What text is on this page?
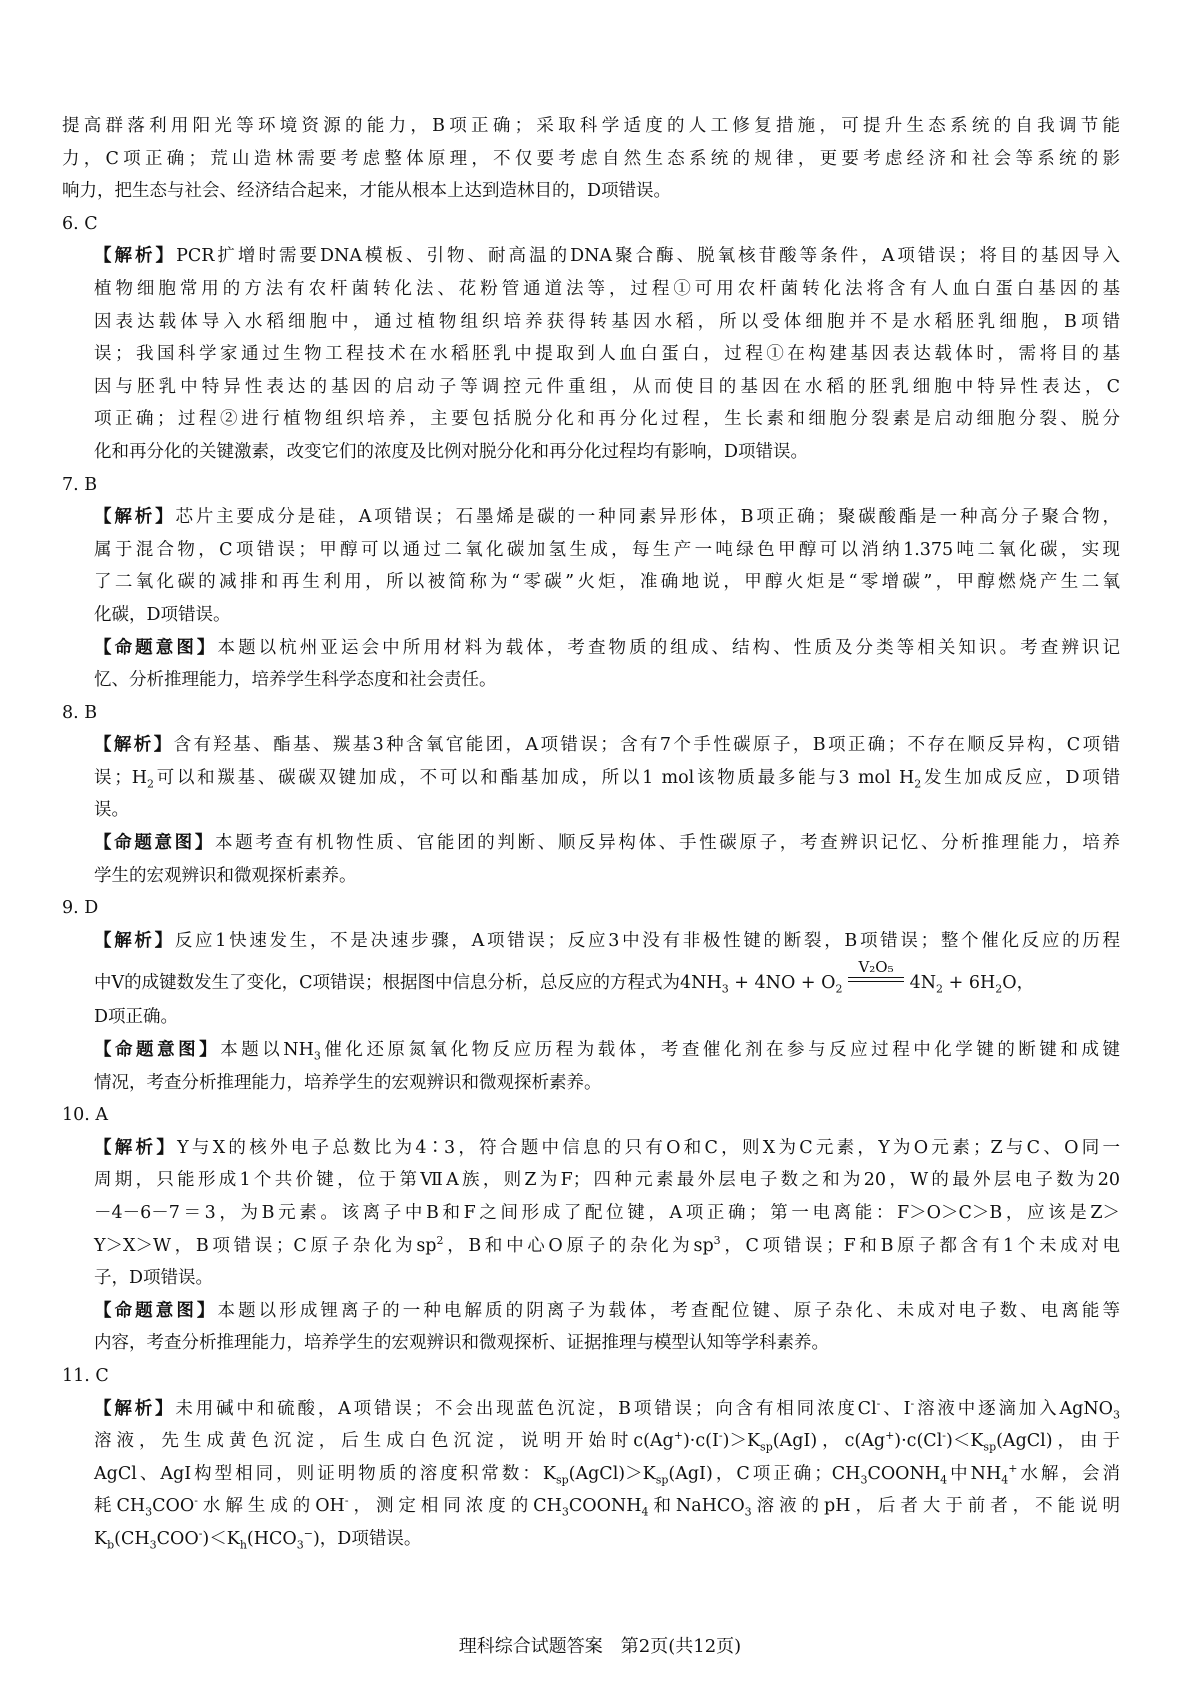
提高群落利用阳光等环境资源的能力，B项正确；采取科学适度的人工修复措施，可提升生态系统的自我调节能
力，C项正确；荒山造林需要考虑整体原理，不仅要考虑自然生态系统的规律，更要考虑经济和社会等系统的影
响力，把生态与社会、经济结合起来，才能从根本上达到造林目的，D项错误。
6. C
【解析】PCR扩增时需要DNA模板、引物、耐高温的DNA聚合酶、脱氧核苷酸等条件，A项错误；将目的基因导入
植物细胞常用的方法有农杆菌转化法、花粉管通道法等，过程①可用农杆菌转化法将含有人血白蛋白基因的基
因表达载体导入水稻细胞中，通过植物组织培养获得转基因水稻，所以受体细胞并不是水稻胚乳细胞，B项错
误；我国科学家通过生物工程技术在水稻胚乳中提取到人血白蛋白，过程①在构建基因表达载体时，需将目的基
因与胚乳中特异性表达的基因的启动子等调控元件重组，从而使目的基因在水稻的胚乳细胞中特异性表达，C
项正确；过程②进行植物组织培养，主要包括脱分化和再分化过程，生长素和细胞分裂素是启动细胞分裂、脱分
化和再分化的关键激素，改变它们的浓度及比例对脱分化和再分化过程均有影响，D项错误。
7. B
【解析】芯片主要成分是硅，A项错误；石墨烯是碳的一种同素异形体，B项正确；聚碳酸酯是一种高分子聚合物，
属于混合物，C项错误；甲醇可以通过二氧化碳加氢生成，每生产一吨绿色甲醇可以消纳1.375吨二氧化碳，实现
了二氧化碳的减排和再生利用，所以被简称为“零碳”火炬，准确地说，甲醇火炬是“零增碳”，甲醇燃烧产生二氧
化碳，D项错误。
【命题意图】本题以杭州亚运会中所用材料为载体，考查物质的组成、结构、性质及分类等相关知识。考查辨识记
忆、分析推理能力，培养学生科学态度和社会责任。
8. B
【解析】含有羟基、酯基、羰基3种含氧官能团，A项错误；含有7个手性碳原子，B项正确；不存在顺反异构，C项错
误；$H_2$可以和羰基、碳碳双键加成，不可以和酯基加成，所以1 mol该物质最多能与3 mol $H_2$发生加成反应，D项错
误。
【命题意图】本题考查有机物性质、官能团的判断、顺反异构体、手性碳原子，考查辨识记忆、分析推理能力，培养
学生的宏观辨识和微观探析素养。
9. D
【解析】反应1快速发生，不是决速步骤，A项错误；反应3中没有非极性键的断裂，B项错误；整个催化反应的历程
中V的成键数发生了变化，C项错误；根据图中信息分析，总反应的方程式为$4NH_3 + 4NO + O_2$
V₂O₅
$4N_2 + 6H_2O$，
D项正确。
【命题意图】本题以$NH_3$催化还原氮氧化物反应历程为载体，考查催化剂在参与反应过程中化学键的断键和成键
情况，考查分析推理能力，培养学生的宏观辨识和微观探析素养。
10. A
【解析】Y与X的核外电子总数比为4∶3，符合题中信息的只有O和C，则X为C元素，Y为O元素；Z与C、O同一
周期，只能形成1个共价键，位于第ⅦA族，则Z为F；四种元素最外层电子数之和为20，W的最外层电子数为20
－4－6－7＝3，为B元素。该离子中B和F之间形成了配位键，A项正确；第一电离能：F＞O＞C＞B，应该是Z＞
Y＞X＞W，B项错误；C原子杂化为$sp^2$，B和中心O原子的杂化为$sp^3$，C项错误；F和B原子都含有1个未成对电
子，D项错误。
【命题意图】本题以形成锂离子的一种电解质的阴离子为载体，考查配位键、原子杂化、未成对电子数、电离能等
内容，考查分析推理能力，培养学生的宏观辨识和微观探析、证据推理与模型认知等学科素养。
11. C
【解析】未用碱中和硫酸，A项错误；不会出现蓝色沉淀，B项错误；向含有相同浓度Cl-、I-溶液中逐滴加入AgNO$_3$
溶液，先生成黄色沉淀，后生成白色沉淀，说明开始时$c(Ag^+)\cdot c(I^-)>K_{sp}(AgI)$，$c(Ag^+)\cdot c(Cl^-)<K_{sp}(AgCl)$，由于
AgCl、AgI构型相同，则证明物质的溶度积常数：$K_{sp}(AgCl)>K_{sp}(AgI)$，C项正确；$CH_3COONH_4$中$NH_4^+$水解，会消
耗$CH_3COO^-$水解生成的OH-，测定相同浓度的$CH_3COONH_4$和NaHCO$_3$溶液的pH，后者大于前者，不能说明
$K_b(CH_3COO^-)<K_h(HCO_3^-)$，D项错误。
理科综合试题答案　第2页(共12页)
